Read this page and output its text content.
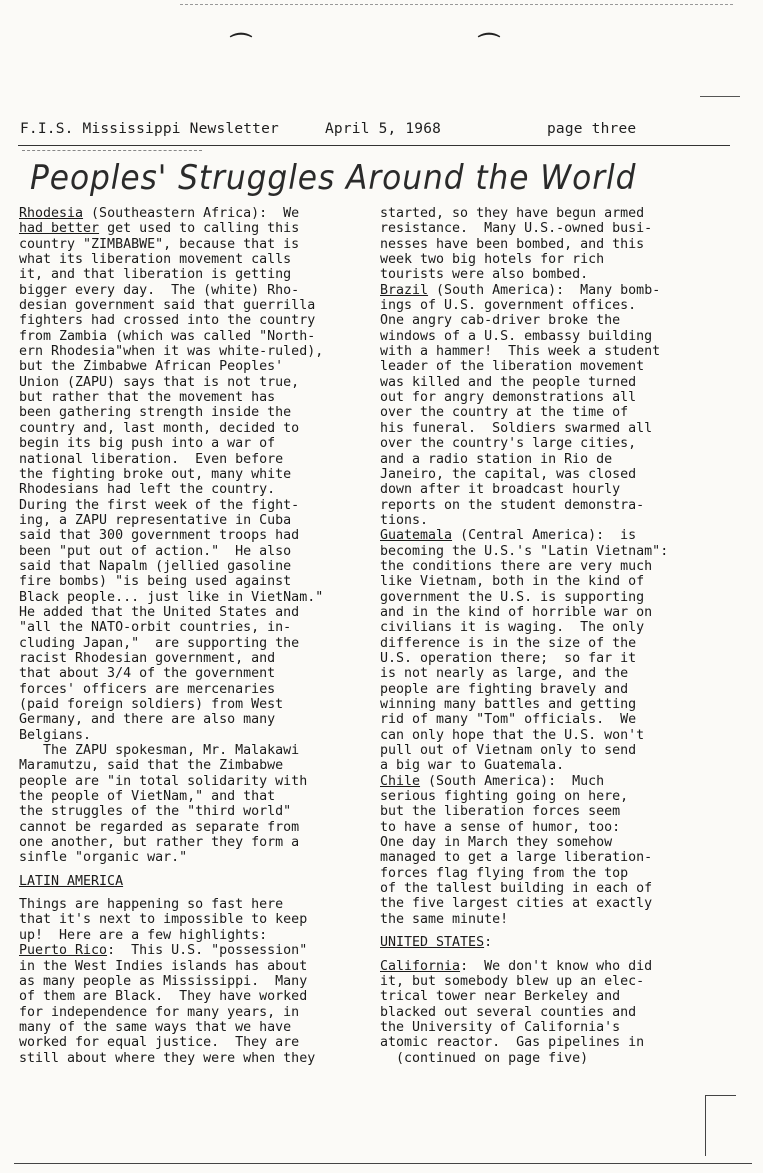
⌒	⌒

F.I.S. Mississippi Newsletter

	April 5, 1968

	page three

Peoples' Struggles Around the World
Rhodesia (Southeastern Africa):  We
had better get used to calling this
country "ZIMBABWE", because that is
what its liberation movement calls
it, and that liberation is getting
bigger every day.  The (white) Rho-
desian government said that guerrilla
fighters had crossed into the country
from Zambia (which was called "North-
ern Rhodesia"when it was white-ruled),
but the Zimbabwe African Peoples'
Union (ZAPU) says that is not true,
but rather that the movement has
been gathering strength inside the
country and, last month, decided to
begin its big push into a war of
national liberation.  Even before
the fighting broke out, many white
Rhodesians had left the country.
During the first week of the fight-
ing, a ZAPU representative in Cuba
said that 300 government troops had
been "put out of action."  He also
said that Napalm (jellied gasoline
fire bombs) "is being used against
Black people... just like in VietNam."
He added that the United States and
"all the NATO-orbit countries, in-
cluding Japan,"  are supporting the
racist Rhodesian government, and
that about 3/4 of the government
forces' officers are mercenaries
(paid foreign soldiers) from West
Germany, and there are also many
Belgians.
The ZAPU spokesman, Mr. Malakawi
Maramutzu, said that the Zimbabwe
people are "in total solidarity with
the people of VietNam," and that
the struggles of the "third world"
cannot be regarded as separate from
one another, but rather they form a
sinfle "organic war."
LATIN AMERICA
Things are happening so fast here
that it's next to impossible to keep
up!  Here are a few highlights:
Puerto Rico:  This U.S. "possession"
in the West Indies islands has about
as many people as Mississippi.  Many
of them are Black.  They have worked
for independence for many years, in
many of the same ways that we have
worked for equal justice.  They are
still about where they were when they
started, so they have begun armed
resistance.  Many U.S.-owned busi-
nesses have been bombed, and this
week two big hotels for rich
tourists were also bombed.
Brazil (South America):  Many bomb-
ings of U.S. government offices.
One angry cab-driver broke the
windows of a U.S. embassy building
with a hammer!  This week a student
leader of the liberation movement
was killed and the people turned
out for angry demonstrations all
over the country at the time of
his funeral.  Soldiers swarmed all
over the country's large cities,
and a radio station in Rio de
Janeiro, the capital, was closed
down after it broadcast hourly
reports on the student demonstra-
tions.
Guatemala (Central America):  is
becoming the U.S.'s "Latin Vietnam":
the conditions there are very much
like Vietnam, both in the kind of
government the U.S. is supporting
and in the kind of horrible war on
civilians it is waging.  The only
difference is in the size of the
U.S. operation there;  so far it
is not nearly as large, and the
people are fighting bravely and
winning many battles and getting
rid of many "Tom" officials.  We
can only hope that the U.S. won't
pull out of Vietnam only to send
a big war to Guatemala.
Chile (South America):  Much
serious fighting going on here,
but the liberation forces seem
to have a sense of humor, too:
One day in March they somehow
managed to get a large liberation-
forces flag flying from the top
of the tallest building in each of
the five largest cities at exactly
the same minute!
UNITED STATES:
California:  We don't know who did
it, but somebody blew up an elec-
trical tower near Berkeley and
blacked out several counties and
the University of California's
atomic reactor.  Gas pipelines in
(continued on page five)
